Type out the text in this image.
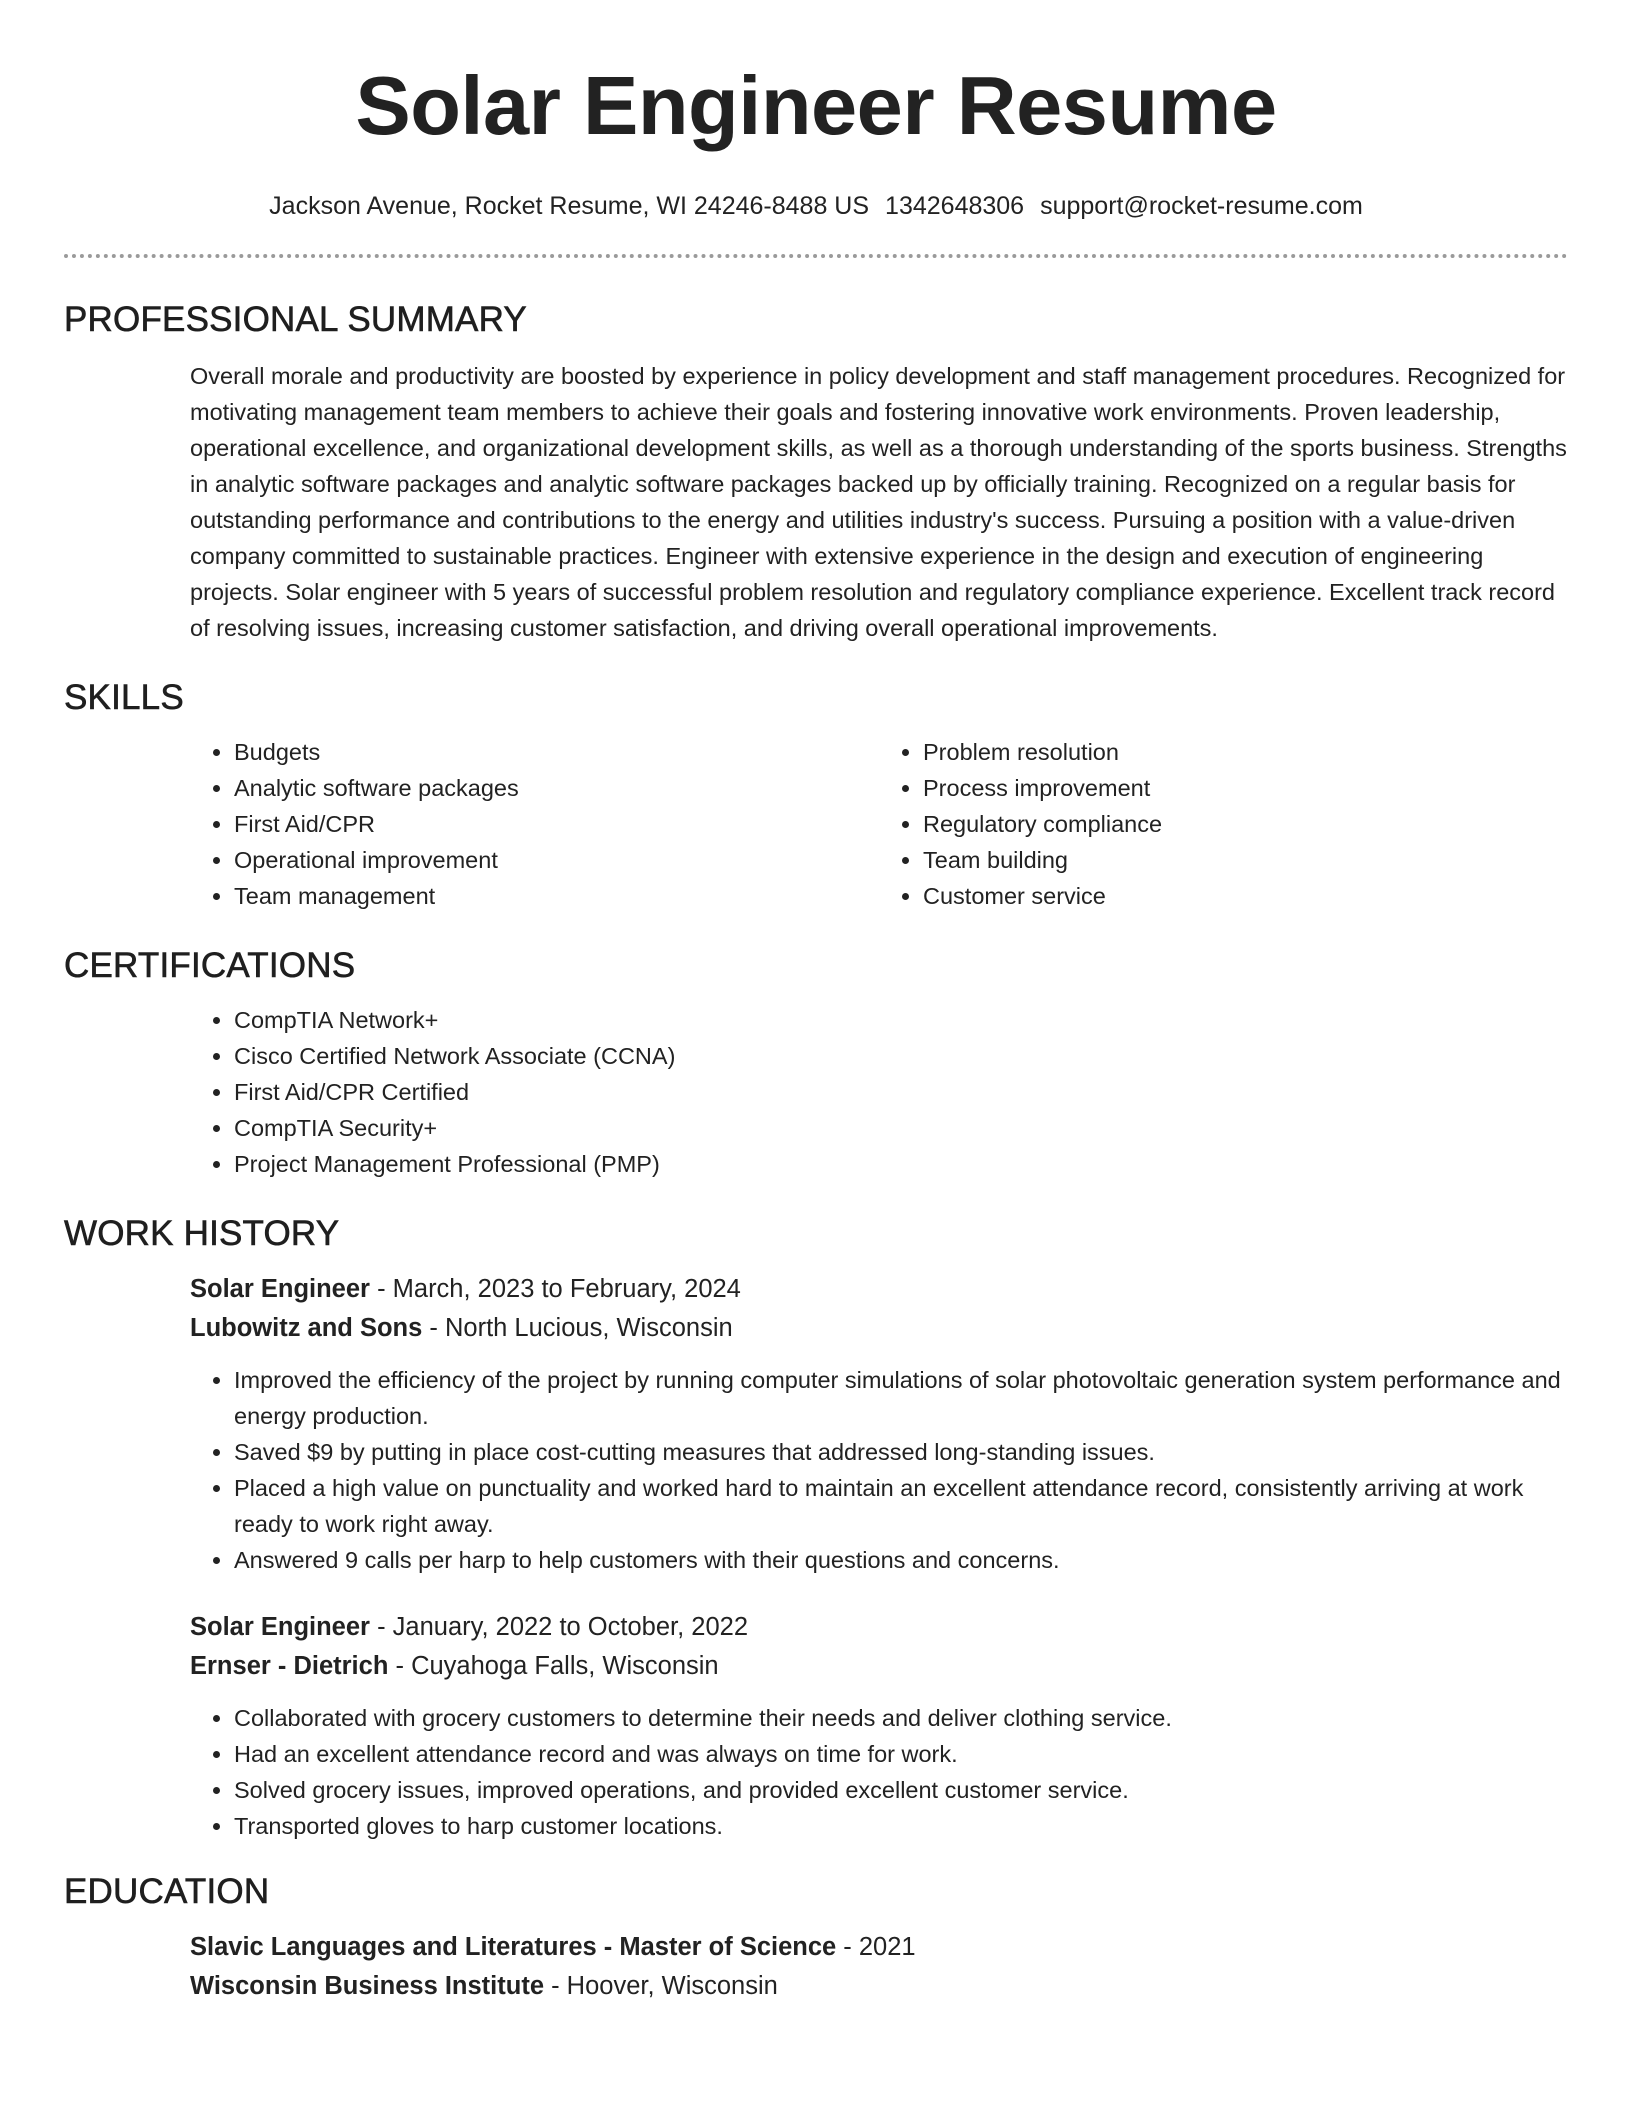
Solar Engineer Resume
Jackson Avenue, Rocket Resume, WI 24246-8488 US 1342648306 support@rocket-resume.com
PROFESSIONAL SUMMARY

Overall morale and productivity are boosted by experience in policy development and staff management procedures. Recognized for motivating management team members to achieve their goals and fostering innovative work environments. Proven leadership, operational excellence, and organizational development skills, as well as a thorough understanding of the sports business. Strengths in analytic software packages and analytic software packages backed up by officially training. Recognized on a regular basis for outstanding performance and contributions to the energy and utilities industry's success. Pursuing a position with a value-driven company committed to sustainable practices. Engineer with extensive experience in the design and execution of engineering projects. Solar engineer with 5 years of successful problem resolution and regulatory compliance experience. Excellent track record of resolving issues, increasing customer satisfaction, and driving overall operational improvements.

SKILLS
• Budgets
• Analytic software packages
• First Aid/CPR
• Operational improvement
• Team management
• Problem resolution
• Process improvement
• Regulatory compliance
• Team building
• Customer service
CERTIFICATIONS
• CompTIA Network+
• Cisco Certified Network Associate (CCNA)
• First Aid/CPR Certified
• CompTIA Security+
• Project Management Professional (PMP)
WORK HISTORY
Solar Engineer - March, 2023 to February, 2024
Lubowitz and Sons - North Lucious, Wisconsin
• Improved the efficiency of the project by running computer simulations of solar photovoltaic generation system performance and energy production.
• Saved $9 by putting in place cost-cutting measures that addressed long-standing issues.
• Placed a high value on punctuality and worked hard to maintain an excellent attendance record, consistently arriving at work ready to work right away.
• Answered 9 calls per harp to help customers with their questions and concerns.
Solar Engineer - January, 2022 to October, 2022
Ernser - Dietrich - Cuyahoga Falls, Wisconsin
• Collaborated with grocery customers to determine their needs and deliver clothing service.
• Had an excellent attendance record and was always on time for work.
• Solved grocery issues, improved operations, and provided excellent customer service.
• Transported gloves to harp customer locations.
EDUCATION
Slavic Languages and Literatures - Master of Science - 2021
Wisconsin Business Institute - Hoover, Wisconsin
